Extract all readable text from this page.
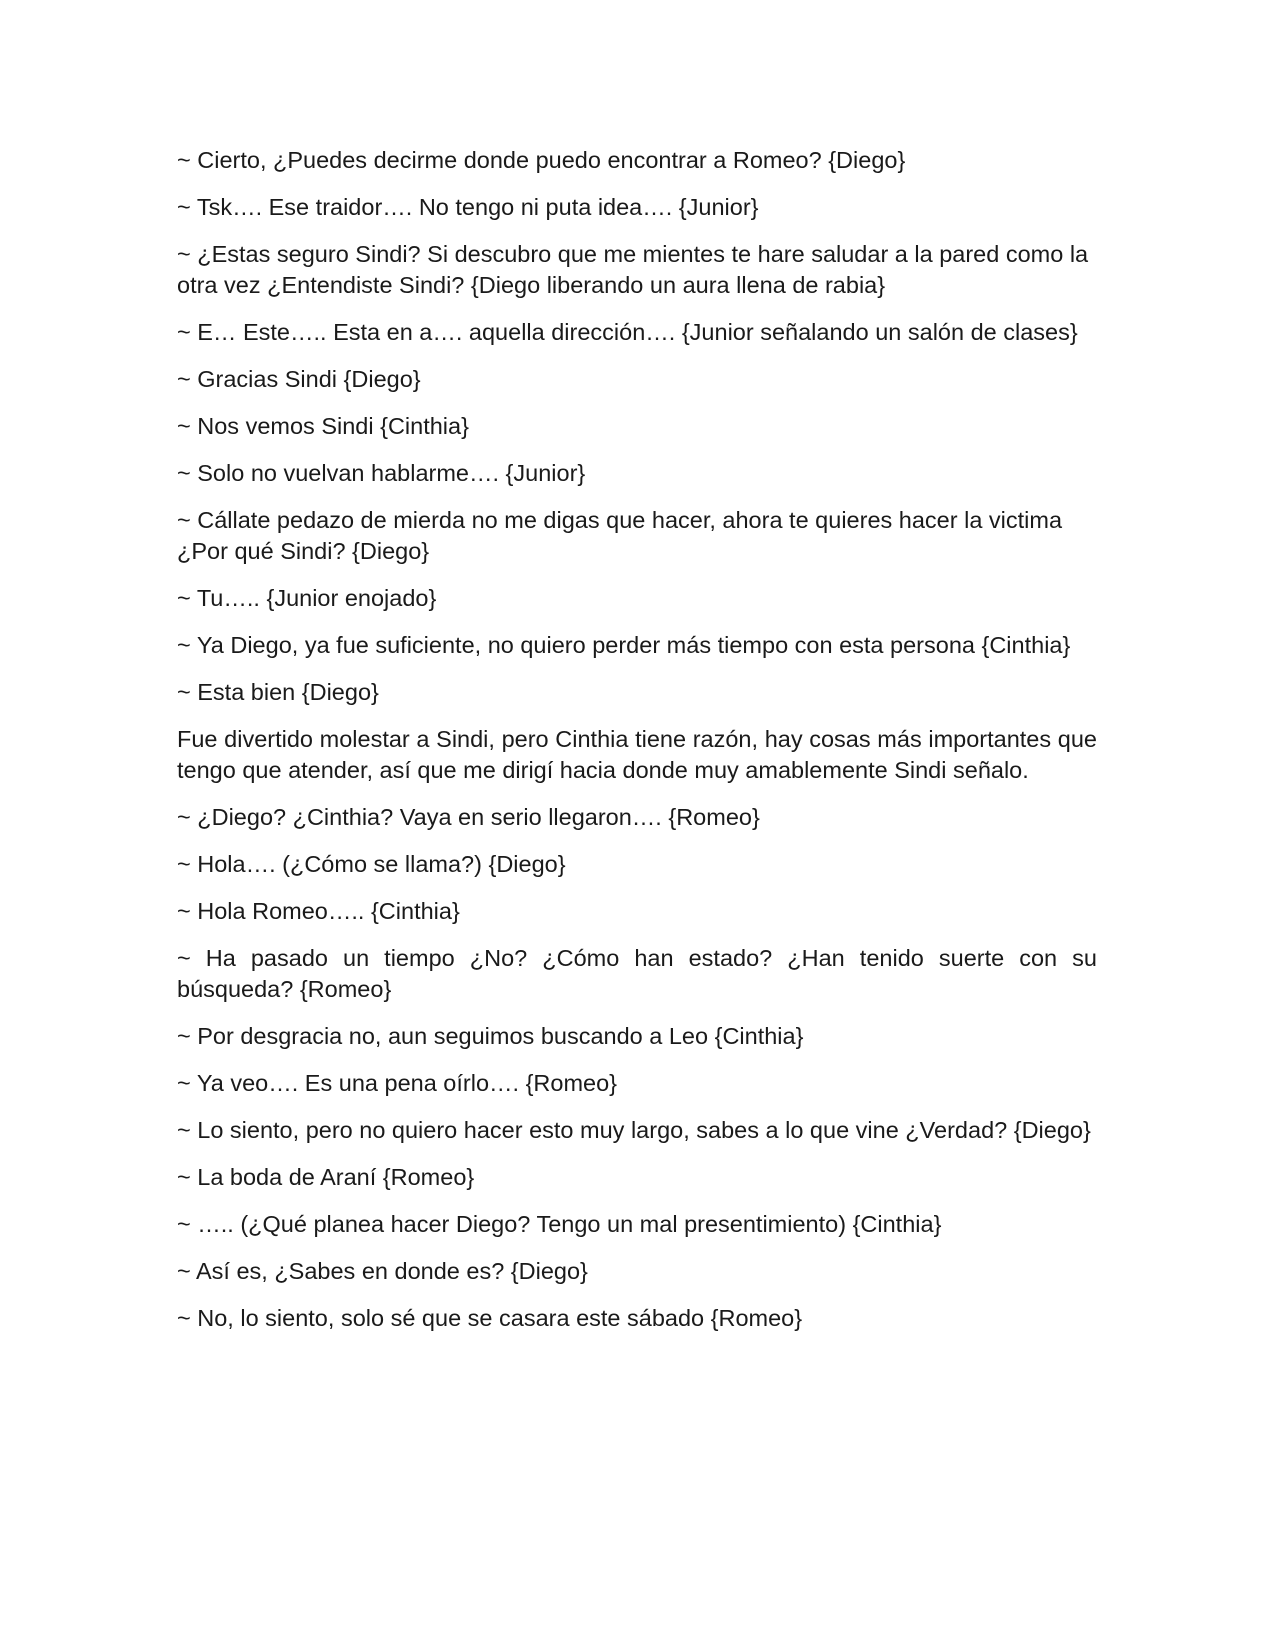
~ Cierto, ¿Puedes decirme donde puedo encontrar a Romeo? {Diego}

~ Tsk…. Ese traidor…. No tengo ni puta idea…. {Junior}

~ ¿Estas seguro Sindi? Si descubro que me mientes te hare saludar a la pared como la otra vez ¿Entendiste Sindi? {Diego liberando un aura llena de rabia}

~ E… Este….. Esta en a…. aquella dirección…. {Junior señalando un salón de clases}

~ Gracias Sindi {Diego}

~ Nos vemos Sindi {Cinthia}

~ Solo no vuelvan hablarme…. {Junior}

~ Cállate pedazo de mierda no me digas que hacer, ahora te quieres hacer la victima ¿Por qué Sindi? {Diego}

~ Tu….. {Junior enojado}

~ Ya Diego, ya fue suficiente, no quiero perder más tiempo con esta persona {Cinthia}

~ Esta bien {Diego}

Fue divertido molestar a Sindi, pero Cinthia tiene razón, hay cosas más importantes que tengo que atender, así que me dirigí hacia donde muy amablemente Sindi señalo.

~ ¿Diego? ¿Cinthia? Vaya en serio llegaron…. {Romeo}

~ Hola…. (¿Cómo se llama?) {Diego}

~ Hola Romeo….. {Cinthia}

~ Ha pasado un tiempo ¿No? ¿Cómo han estado? ¿Han tenido suerte con su búsqueda? {Romeo}

~ Por desgracia no, aun seguimos buscando a Leo {Cinthia}

~ Ya veo…. Es una pena oírlo…. {Romeo}

~ Lo siento, pero no quiero hacer esto muy largo, sabes a lo que vine ¿Verdad? {Diego}

~ La boda de Araní {Romeo}

~ ….. (¿Qué planea hacer Diego? Tengo un mal presentimiento) {Cinthia}

~ Así es, ¿Sabes en donde es? {Diego}

~ No, lo siento, solo sé que se casara este sábado {Romeo}
